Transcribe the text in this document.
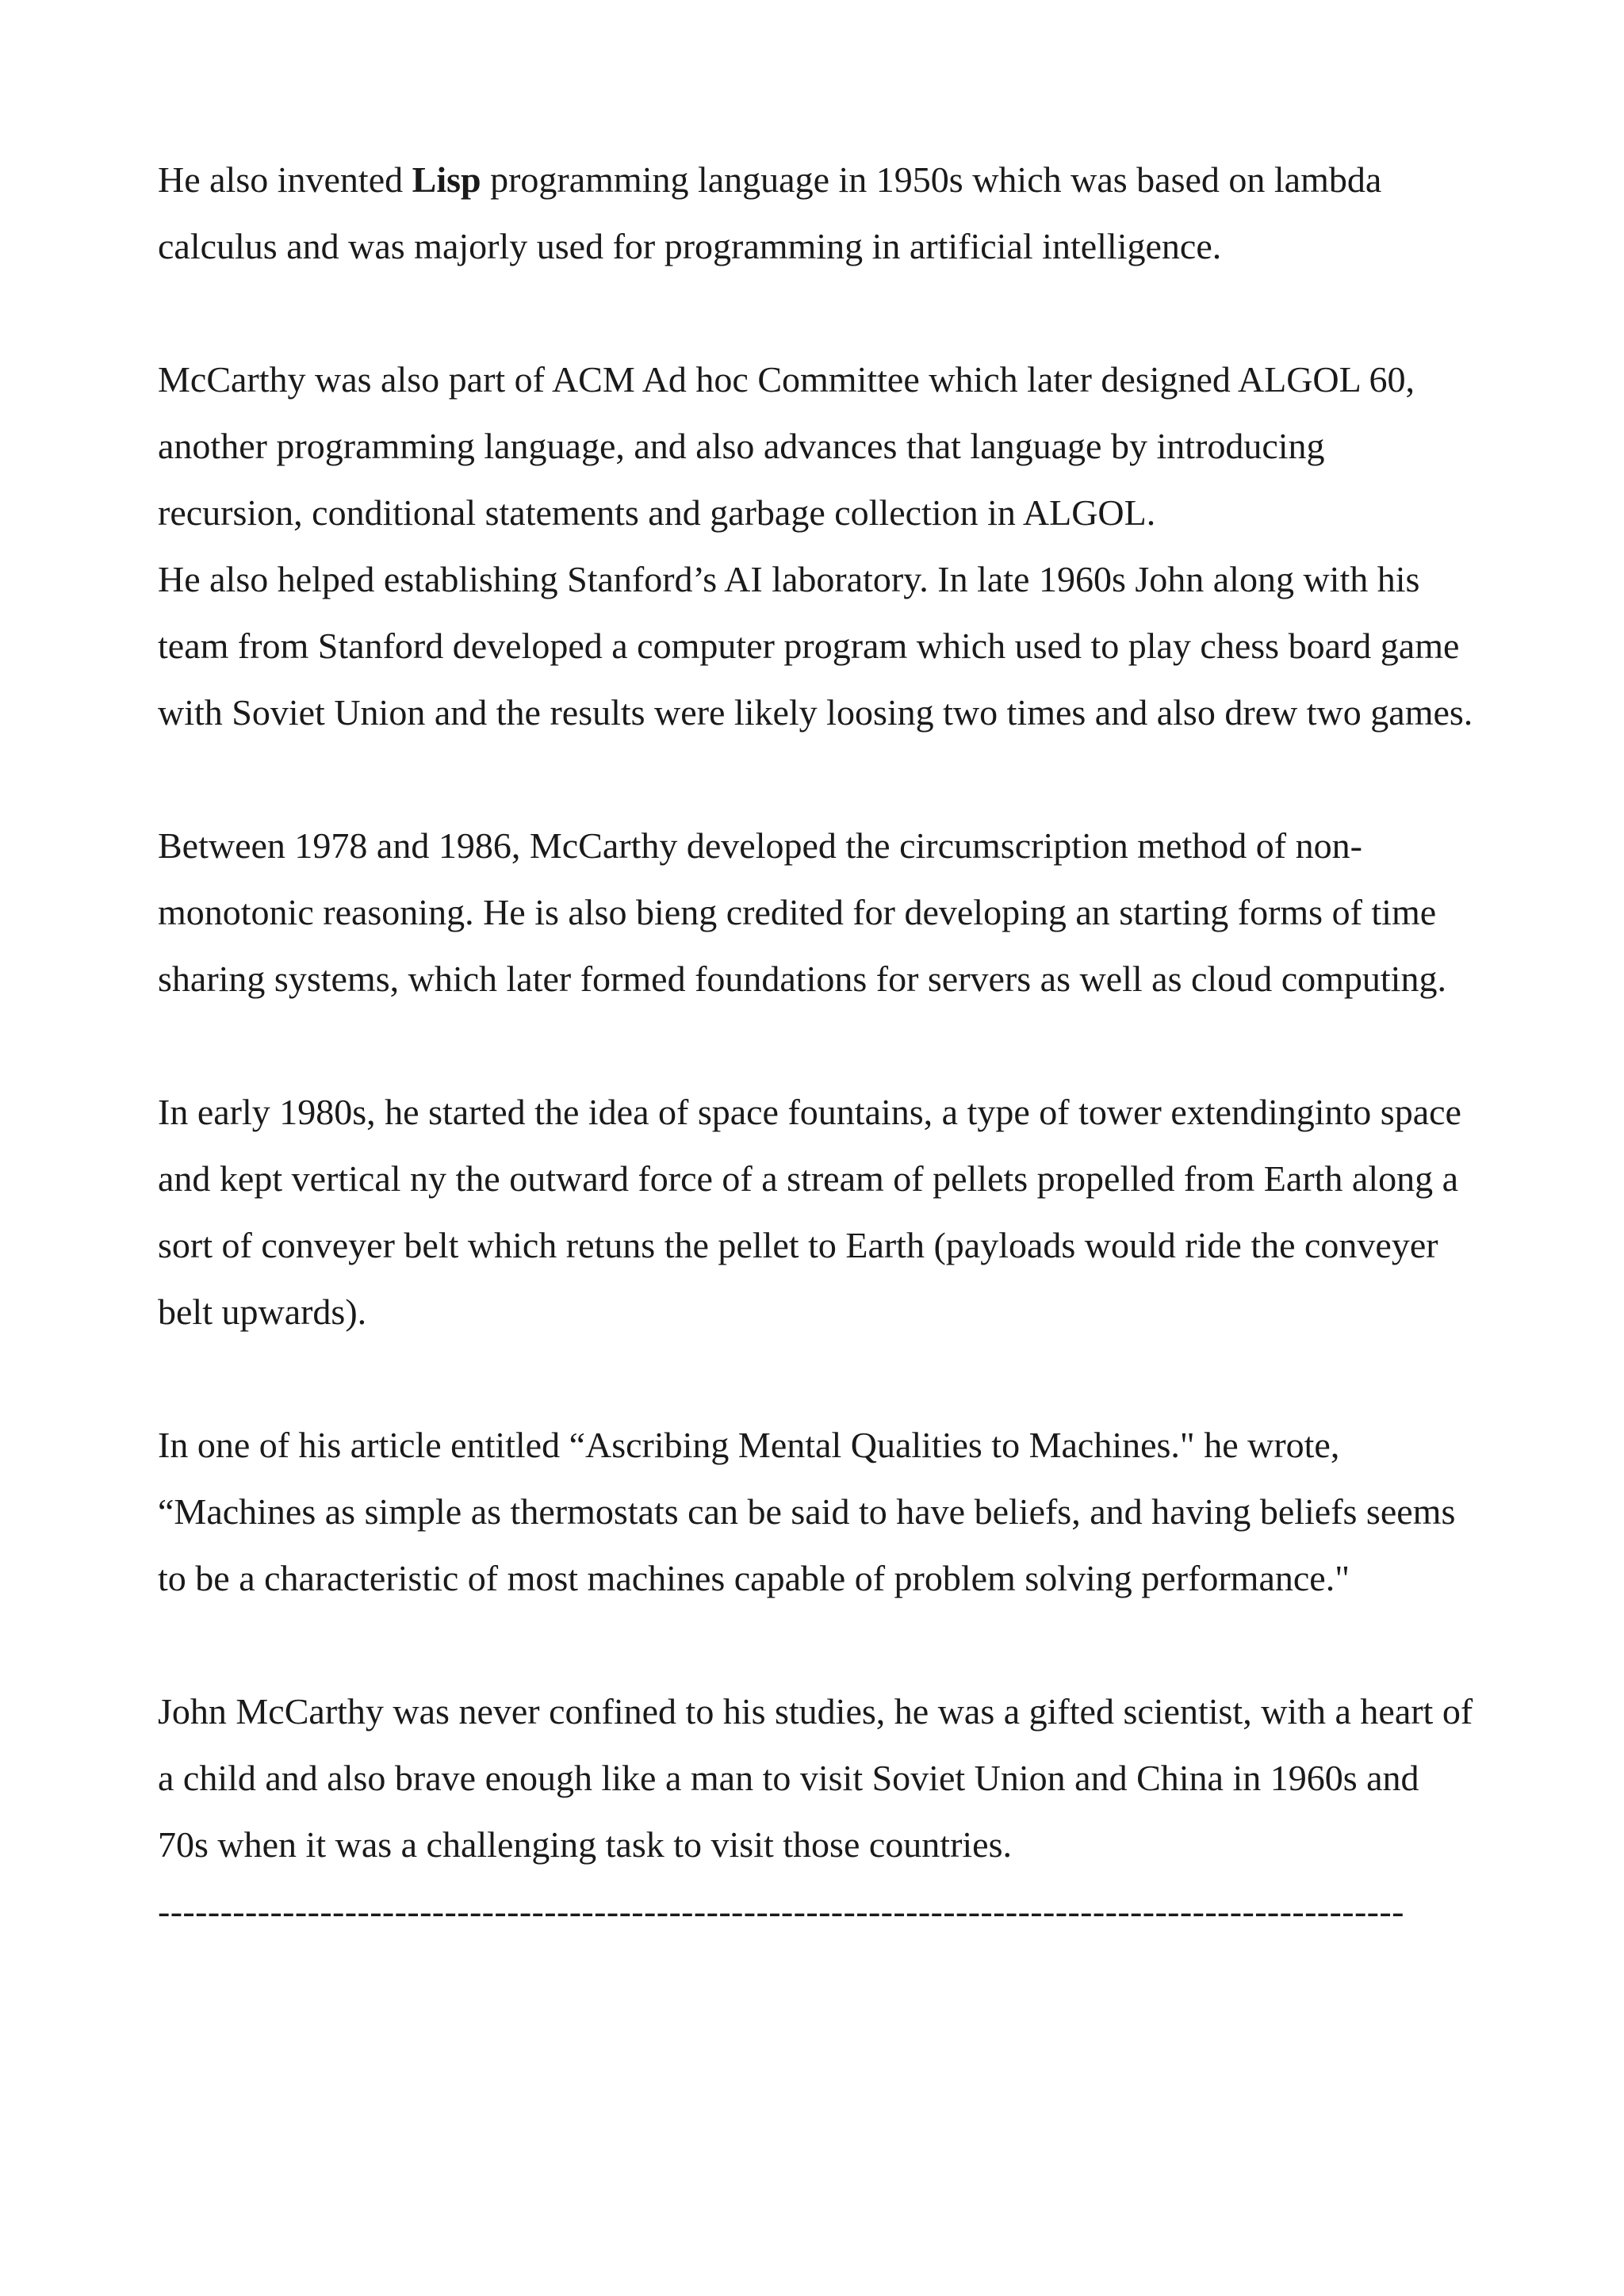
He also invented Lisp programming language in 1950s which was based on lambda calculus and was majorly used for programming in artificial intelligence.

McCarthy was also part of ACM Ad hoc Committee which later designed ALGOL 60, another programming language, and also advances that language by introducing recursion, conditional statements and garbage collection in ALGOL.

He also helped establishing Stanford’s AI laboratory. In late 1960s John along with his team from Stanford developed a computer program which used to play chess board game with Soviet Union and the results were likely loosing two times and also drew two games.

Between 1978 and 1986, McCarthy developed the circumscription method of non-monotonic reasoning. He is also bieng credited for developing an starting forms of time sharing systems, which later formed foundations for servers as well as cloud computing.

In early 1980s, he started the idea of space fountains, a type of tower extendinginto space and kept vertical ny the outward force of a stream of pellets propelled from Earth along a sort of conveyer belt which retuns the pellet to Earth (payloads would ride the conveyer belt upwards).

In one of his article entitled “Ascribing Mental Qualities to Machines." he wrote, “Machines as simple as thermostats can be said to have beliefs, and having beliefs seems to be a characteristic of most machines capable of problem solving performance."

John McCarthy was never confined to his studies, he was a gifted scientist, with a heart of a child and also brave enough like a man to visit Soviet Union and China in 1960s and 70s when it was a challenging task to visit those countries.

----------------------------------------------------------------------------------------------------
